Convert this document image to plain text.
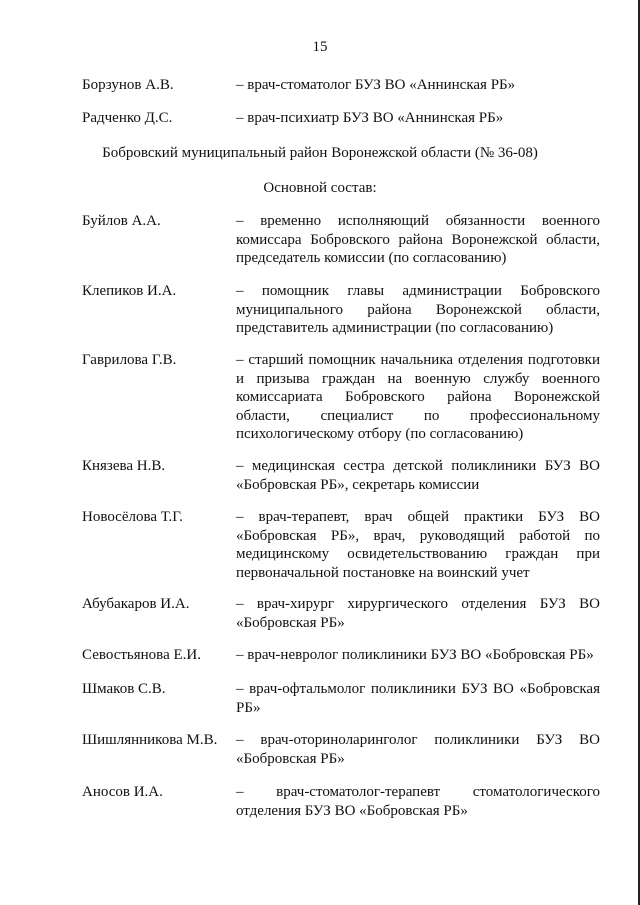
15
Борзунов А.В.	– врач-стоматолог БУЗ ВО «Аннинская РБ»
Радченко Д.С.	– врач-психиатр БУЗ ВО «Аннинская РБ»
Бобровский муниципальный район Воронежской области (№ 36-08)
Основной состав:
Буйлов А.А.	– временно исполняющий обязанности военного комиссара Бобровского района Воронежской области, председатель комиссии (по согласованию)
Клепиков И.А.	– помощник главы администрации Бобровского муниципального района Воронежской области, представитель администрации (по согласованию)
Гаврилова Г.В.	– старший помощник начальника отделения подготовки и призыва граждан на военную службу военного комиссариата Бобровского района Воронежской области, специалист по профессиональному психологическому отбору (по согласованию)
Князева Н.В.	– медицинская сестра детской поликлиники БУЗ ВО «Бобровская РБ», секретарь комиссии
Новосёлова Т.Г.	– врач-терапевт, врач общей практики БУЗ ВО «Бобровская РБ», врач, руководящий работой по медицинскому освидетельствованию граждан при первоначальной постановке на воинский учет
Абубакаров И.А.	– врач-хирург хирургического отделения БУЗ ВО «Бобровская РБ»
Севостьянова Е.И.	– врач-невролог поликлиники БУЗ ВО «Бобровская РБ»
Шмаков С.В.	– врач-офтальмолог поликлиники БУЗ ВО «Бобровская РБ»
Шишлянникова М.В.	– врач-оториноларинголог поликлиники БУЗ ВО «Бобровская РБ»
Аносов И.А.	– врач-стоматолог-терапевт стоматологического отделения БУЗ ВО «Бобровская РБ»
